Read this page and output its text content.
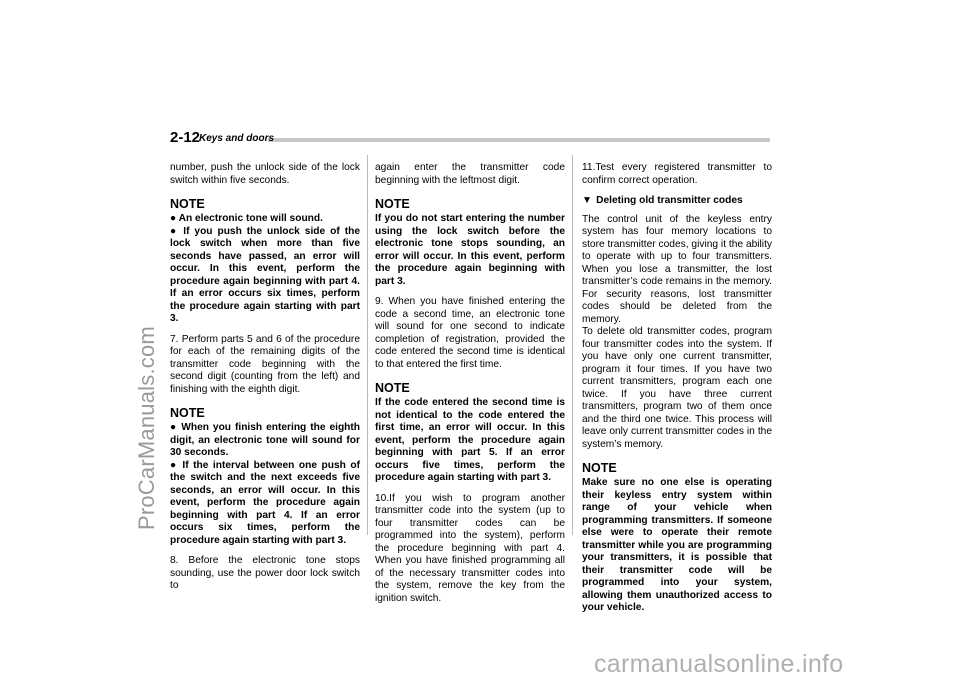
ProCarManuals.com
2-12
Keys and doors

number, push the unlock side of the lock switch within five seconds.

NOTE
● An electronic tone will sound.
● If you push the unlock side of the lock switch when more than five seconds have passed, an error will occur. In this event, perform the procedure again beginning with part 4. If an error occurs six times, perform the procedure again starting with part 3.

7. Perform parts 5 and 6 of the procedure for each of the remaining digits of the transmitter code beginning with the second digit (counting from the left) and finishing with the eighth digit.

NOTE
● When you finish entering the eighth digit, an electronic tone will sound for 30 seconds.
● If the interval between one push of the switch and the next exceeds five seconds, an error will occur. In this event, perform the procedure again beginning with part 4. If an error occurs six times, perform the procedure again starting with part 3.

8. Before the electronic tone stops sounding, use the power door lock switch to

again enter the transmitter code beginning with the leftmost digit.

NOTE
If you do not start entering the number using the lock switch before the electronic tone stops sounding, an error will occur. In this event, perform the procedure again beginning with part 3.

9. When you have finished entering the code a second time, an electronic tone will sound for one second to indicate completion of registration, provided the code entered the second time is identical to that entered the first time.

NOTE
If the code entered the second time is not identical to the code entered the first time, an error will occur. In this event, perform the procedure again beginning with part 5. If an error occurs five times, perform the procedure again starting with part 3.

10.If you wish to program another transmitter code into the system (up to four transmitter codes can be programmed into the system), perform the procedure beginning with part 4. When you have finished programming all of the necessary transmitter codes into the system, remove the key from the ignition switch.

11.Test every registered transmitter to confirm correct operation.

▼ Deleting old transmitter codes

The control unit of the keyless entry system has four memory locations to store transmitter codes, giving it the ability to operate with up to four transmitters. When you lose a transmitter, the lost transmitter’s code remains in the memory. For security reasons, lost transmitter codes should be deleted from the memory.

To delete old transmitter codes, program four transmitter codes into the system. If you have only one current transmitter, program it four times. If you have two current transmitters, program each one twice. If you have three current transmitters, program two of them once and the third one twice. This process will leave only current transmitter codes in the system’s memory.

NOTE
Make sure no one else is operating their keyless entry system within range of your vehicle when programming transmitters. If someone else were to operate their remote transmitter while you are programming your transmitters, it is possible that their transmitter code will be programmed into your system, allowing them unauthorized access to your vehicle.
carmanualsonline.info
